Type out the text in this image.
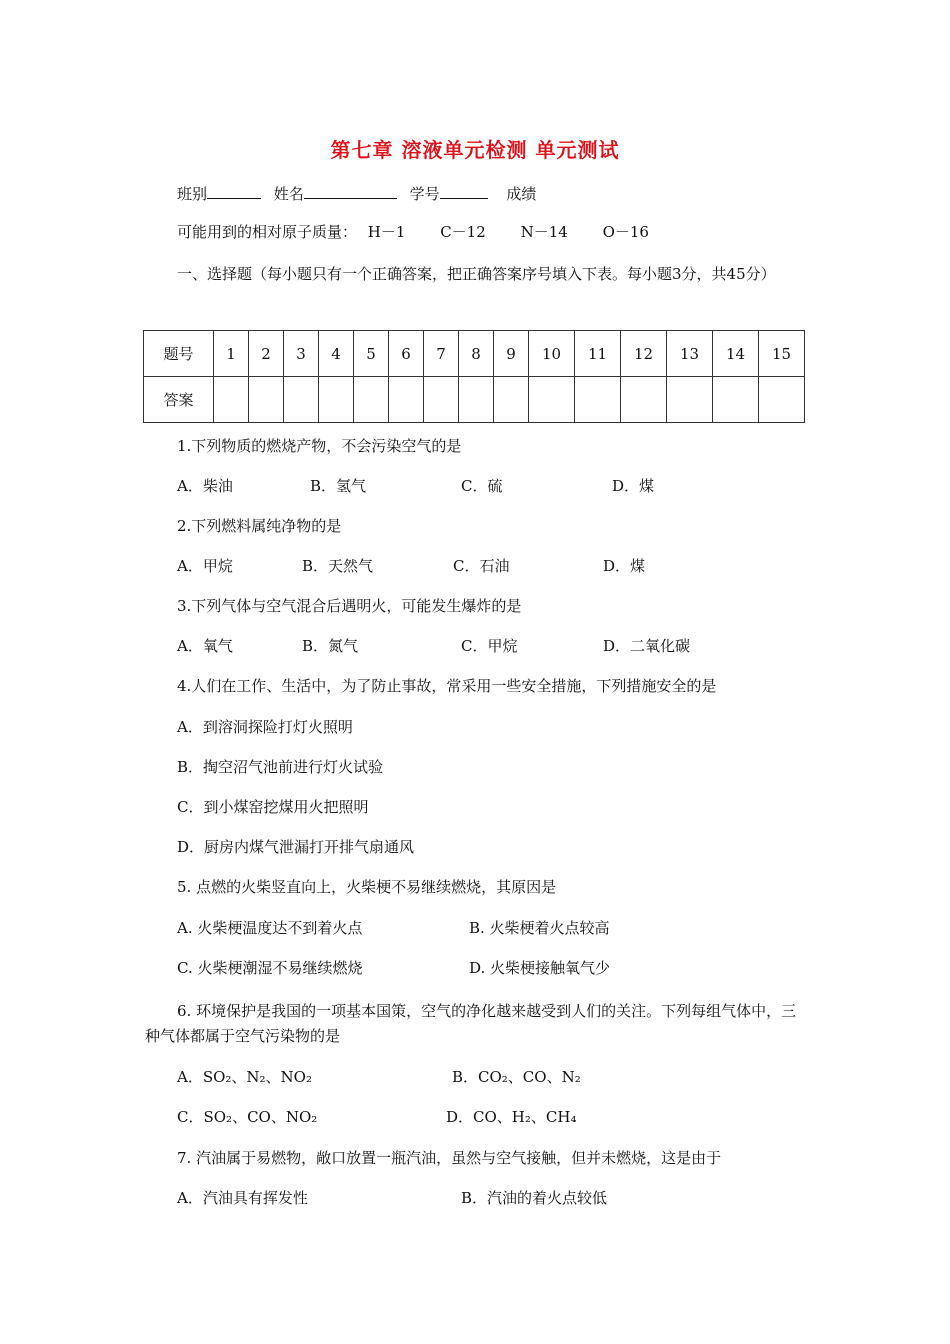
第七章 溶液单元检测 单元测试
班别	姓名	学号	成绩
可能用到的相对原子质量： H－1 C－12 N－14 O－16
一、选择题（每小题只有一个正确答案，把正确答案序号填入下表。每小题3分，共45分）
题号	1	2	3	4	5	6	7	8	9	10	11	12	13	14	15
答案															
1.下列物质的燃烧产物，不会污染空气的是
A．柴油	B．氢气	C．硫	D．煤
2.下列燃料属纯净物的是
A．甲烷	B．天然气	C．石油	D．煤
3.下列气体与空气混合后遇明火，可能发生爆炸的是
A．氧气	B．氮气	C．甲烷	D．二氧化碳
4.人们在工作、生活中，为了防止事故，常采用一些安全措施，下列措施安全的是
A．到溶洞探险打灯火照明
B．掏空沼气池前进行灯火试验
C．到小煤窑挖煤用火把照明
D．厨房内煤气泄漏打开排气扇通风
5. 点燃的火柴竖直向上，火柴梗不易继续燃烧，其原因是
A. 火柴梗温度达不到着火点	B. 火柴梗着火点较高
C. 火柴梗潮湿不易继续燃烧	D. 火柴梗接触氧气少
6. 环境保护是我国的一项基本国策，空气的净化越来越受到人们的关注。下列每组气体中，三种气体都属于空气污染物的是
A．SO₂、N₂、NO₂	B．CO₂、CO、N₂
C．SO₂、CO、NO₂	D．CO、H₂、CH₄
7. 汽油属于易燃物，敞口放置一瓶汽油，虽然与空气接触，但并未燃烧，这是由于
A．汽油具有挥发性	B．汽油的着火点较低
